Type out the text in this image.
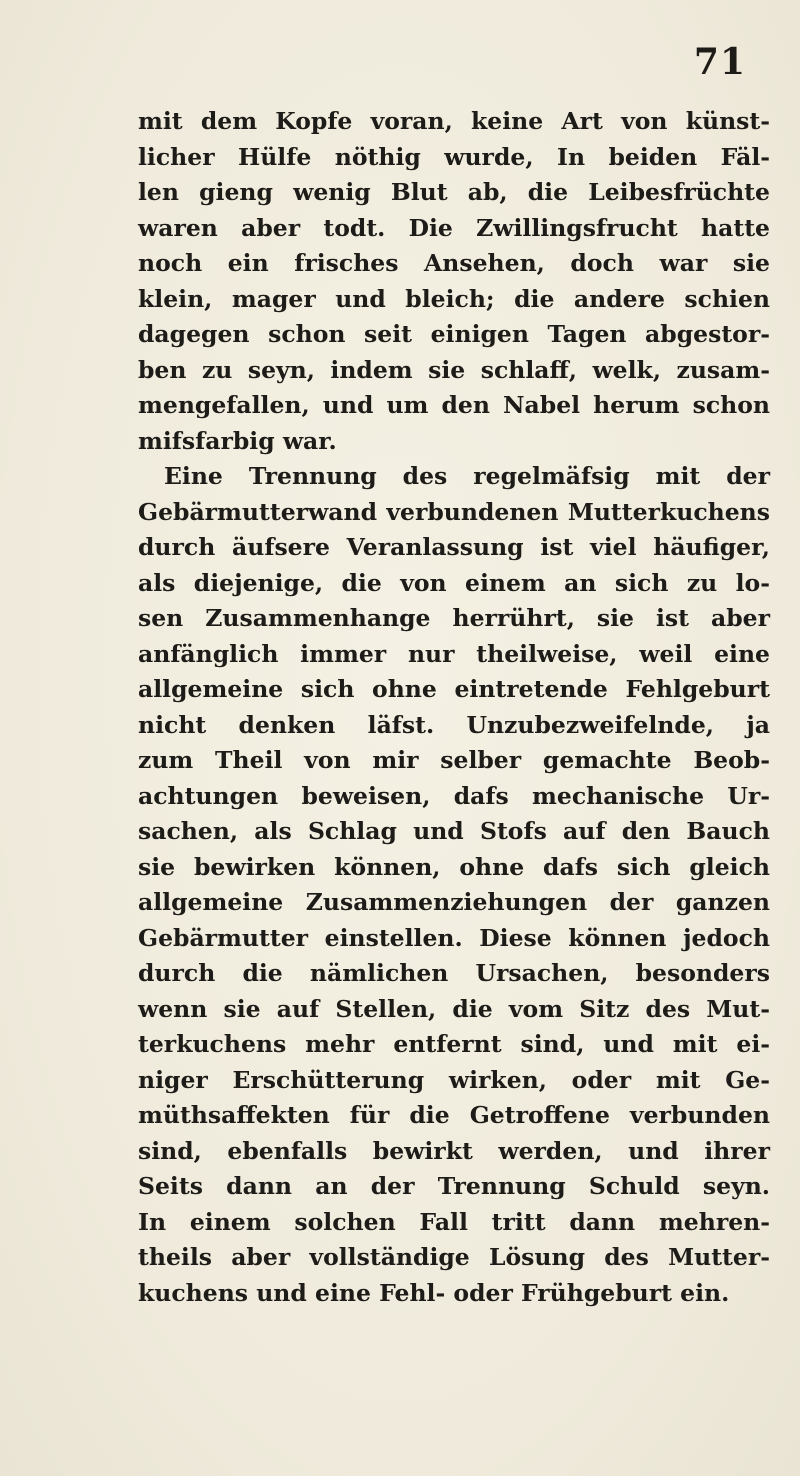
71
mit dem Kopfe voran, keine Art von künst-
licher Hülfe nöthig wurde, In beiden Fäl-
len gieng wenig Blut ab, die Leibesfrüchte
waren aber todt. Die Zwillingsfrucht hatte
noch ein frisches Ansehen, doch war sie
klein, mager und bleich; die andere schien
dagegen schon seit einigen Tagen abgestor-
ben zu seyn, indem sie schlaff, welk, zusam-
mengefallen, und um den Nabel herum schon
mifsfarbig war.
Eine Trennung des regelmäfsig mit der
Gebärmutterwand verbundenen Mutterkuchens
durch äufsere Veranlassung ist viel häufiger,
als diejenige, die von einem an sich zu lo-
sen Zusammenhange herrührt, sie ist aber
anfänglich immer nur theilweise, weil eine
allgemeine sich ohne eintretende Fehlgeburt
nicht denken läfst. Unzubezweifelnde, ja
zum Theil von mir selber gemachte Beob-
achtungen beweisen, dafs mechanische Ur-
sachen, als Schlag und Stofs auf den Bauch
sie bewirken können, ohne dafs sich gleich
allgemeine Zusammenziehungen der ganzen
Gebärmutter einstellen. Diese können jedoch
durch die nämlichen Ursachen, besonders
wenn sie auf Stellen, die vom Sitz des Mut-
terkuchens mehr entfernt sind, und mit ei-
niger Erschütterung wirken, oder mit Ge-
müthsaffekten für die Getroffene verbunden
sind, ebenfalls bewirkt werden, und ihrer
Seits dann an der Trennung Schuld seyn.
In einem solchen Fall tritt dann mehren-
theils aber vollständige Lösung des Mutter-
kuchens und eine Fehl- oder Frühgeburt ein.
